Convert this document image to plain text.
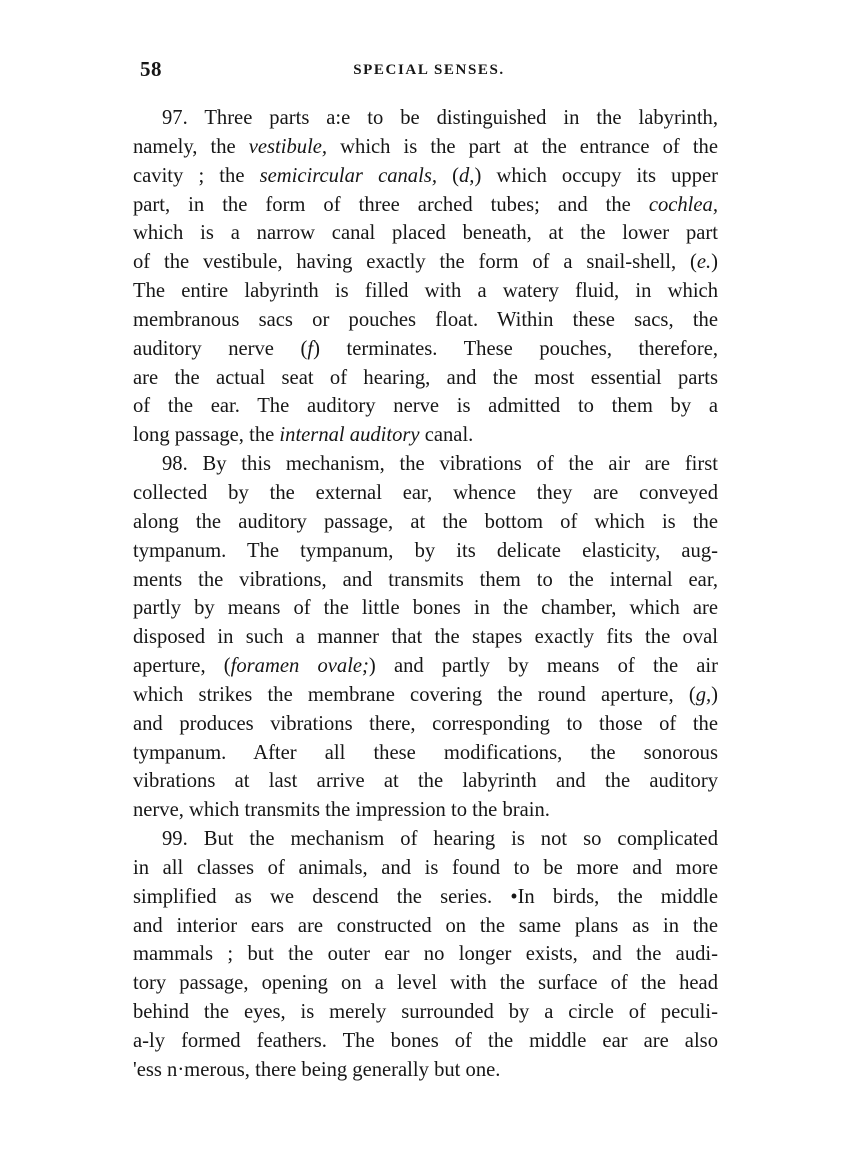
58	SPECIAL SENSES.
97. Three parts a:e to be distinguished in the labyrinth,
namely, the vestibule, which is the part at the entrance of the
cavity ; the semicircular canals, (d,) which occupy its upper
part, in the form of three arched tubes; and the cochlea,
which is a narrow canal placed beneath, at the lower part
of the vestibule, having exactly the form of a snail-shell, (e.)
The entire labyrinth is filled with a watery fluid, in which
membranous sacs or pouches float. Within these sacs, the
auditory nerve (f) terminates. These pouches, therefore,
are the actual seat of hearing, and the most essential parts
of the ear. The auditory nerve is admitted to them by a
long passage, the internal auditory canal.
98. By this mechanism, the vibrations of the air are first
collected by the external ear, whence they are conveyed
along the auditory passage, at the bottom of which is the
tympanum. The tympanum, by its delicate elasticity, aug-
ments the vibrations, and transmits them to the internal ear,
partly by means of the little bones in the chamber, which are
disposed in such a manner that the stapes exactly fits the oval
aperture, (foramen ovale;) and partly by means of the air
which strikes the membrane covering the round aperture, (g,)
and produces vibrations there, corresponding to those of the
tympanum. After all these modifications, the sonorous
vibrations at last arrive at the labyrinth and the auditory
nerve, which transmits the impression to the brain.
99. But the mechanism of hearing is not so complicated
in all classes of animals, and is found to be more and more
simplified as we descend the series. •In birds, the middle
and interior ears are constructed on the same plans as in the
mammals ; but the outer ear no longer exists, and the audi-
tory passage, opening on a level with the surface of the head
behind the eyes, is merely surrounded by a circle of peculi-
a-ly formed feathers. The bones of the middle ear are also
'ess n·merous, there being generally but one.
